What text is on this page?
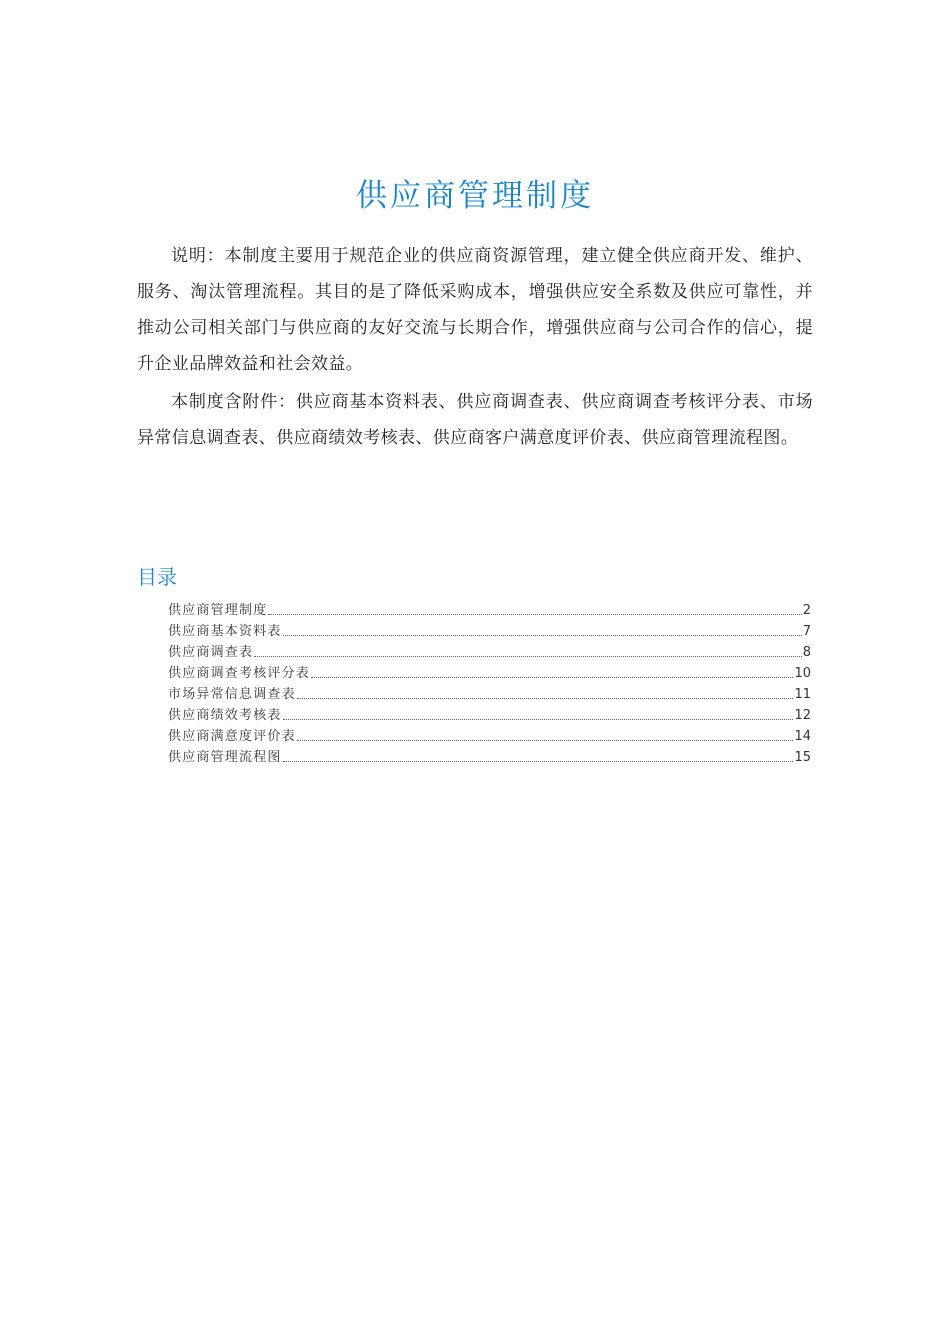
供应商管理制度

说明：本制度主要用于规范企业的供应商资源管理，建立健全供应商开发、维护、服务、淘汰管理流程。其目的是了降低采购成本，增强供应安全系数及供应可靠性，并推动公司相关部门与供应商的友好交流与长期合作，增强供应商与公司合作的信心，提升企业品牌效益和社会效益。

本制度含附件：供应商基本资料表、供应商调查表、供应商调查考核评分表、市场异常信息调查表、供应商绩效考核表、供应商客户满意度评价表、供应商管理流程图。

目录
供应商管理制度	2
供应商基本资料表	7
供应商调查表	8
供应商调查考核评分表	10
市场异常信息调查表	11
供应商绩效考核表	12
供应商满意度评价表	14
供应商管理流程图	15
